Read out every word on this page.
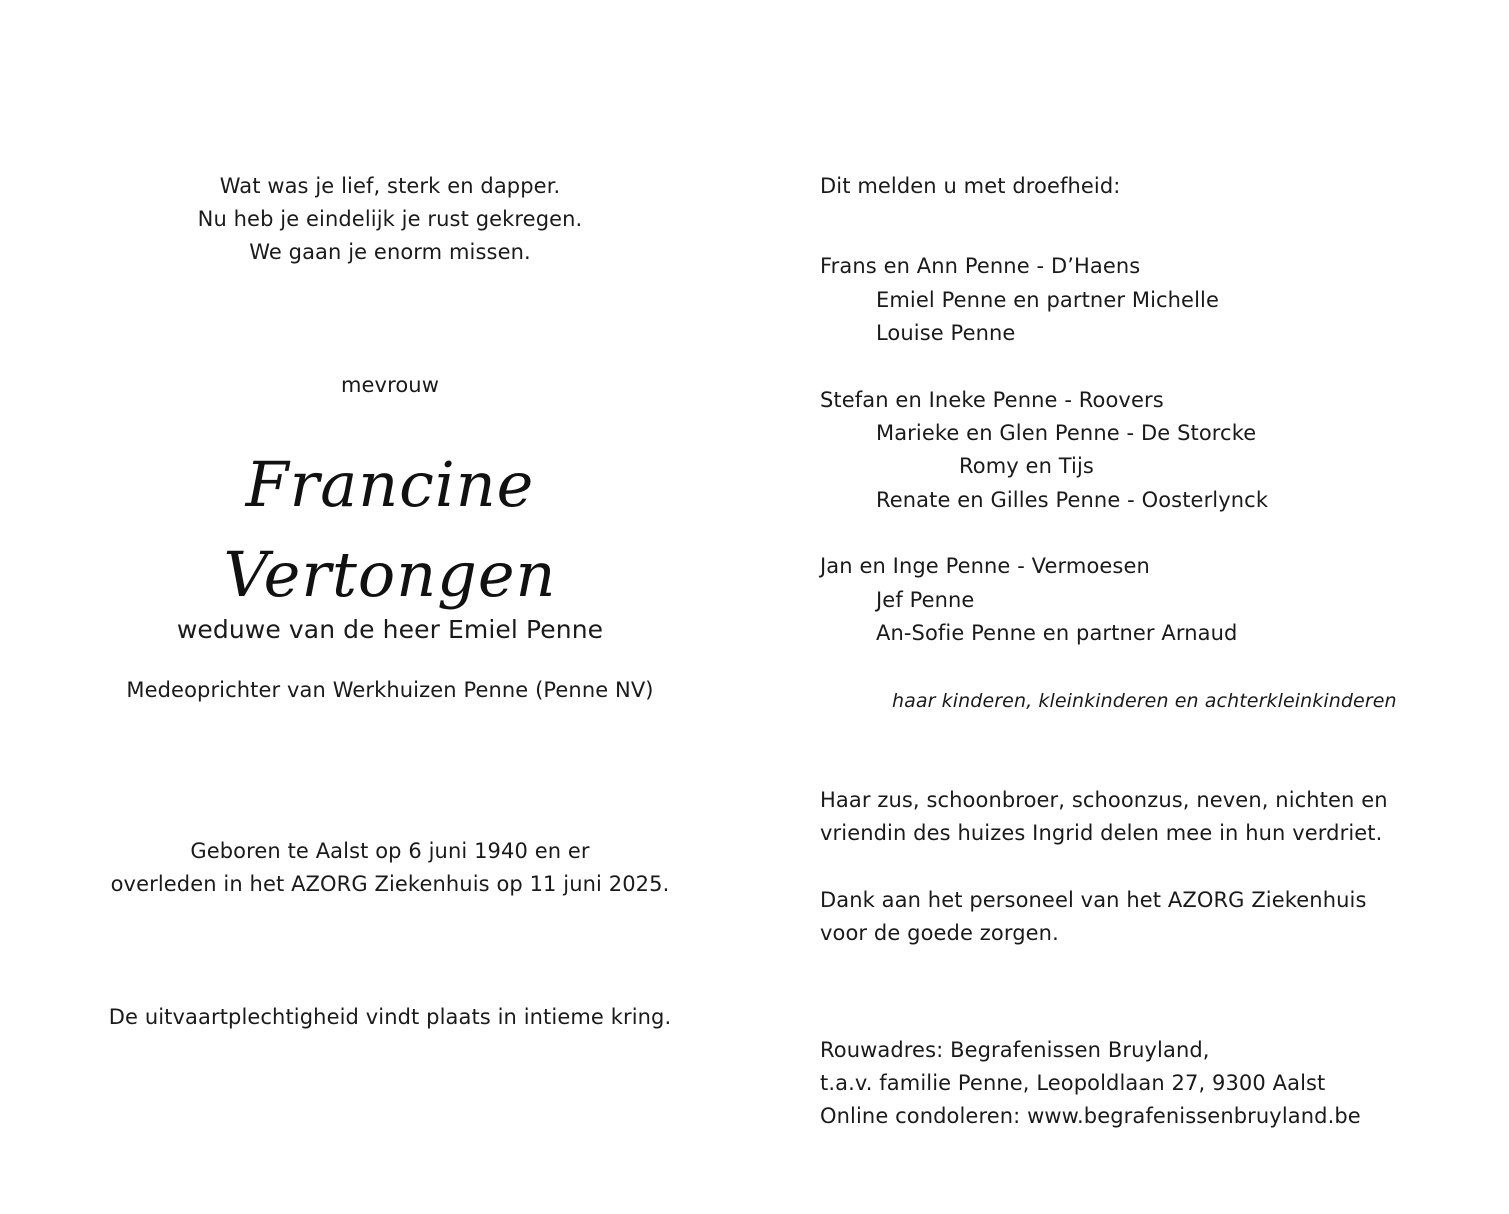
Wat was je lief, sterk en dapper.
Nu heb je eindelijk je rust gekregen.
We gaan je enorm missen.
mevrouw
Francine Vertongen
weduwe van de heer Emiel Penne
Medeoprichter van Werkhuizen Penne (Penne NV)
Geboren te Aalst op 6 juni 1940 en er
overleden in het AZORG Ziekenhuis op 11 juni 2025.
De uitvaartplechtigheid vindt plaats in intieme kring.
Dit melden u met droefheid:
Frans en Ann Penne - D’Haens
Emiel Penne en partner Michelle
Louise Penne
Stefan en Ineke Penne - Roovers
Marieke en Glen Penne - De Storcke
Romy en Tijs
Renate en Gilles Penne - Oosterlynck
Jan en Inge Penne - Vermoesen
Jef Penne
An-Sofie Penne en partner Arnaud
haar kinderen, kleinkinderen en achterkleinkinderen
Haar zus, schoonbroer, schoonzus, neven, nichten en
vriendin des huizes Ingrid delen mee in hun verdriet.
Dank aan het personeel van het AZORG Ziekenhuis
voor de goede zorgen.
Rouwadres: Begrafenissen Bruyland,
t.a.v. familie Penne, Leopoldlaan 27, 9300 Aalst
Online condoleren: www.begrafenissenbruyland.be
